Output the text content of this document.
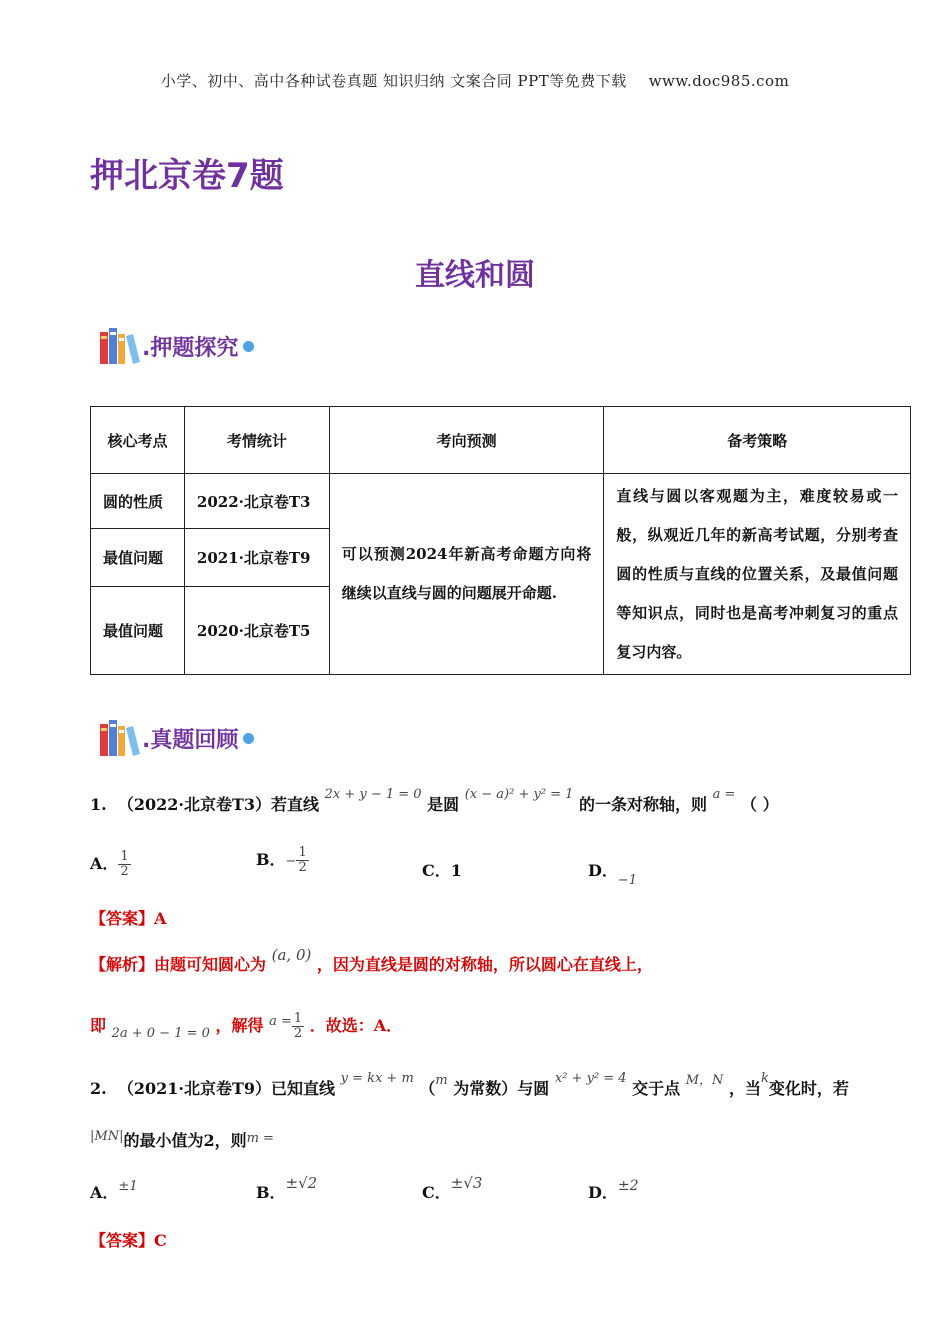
小学、初中、高中各种试卷真题 知识归纳 文案合同 PPT等免费下载 www.doc985.com
押北京卷7题
直线和圆
.押题探究
核心考点	考情统计	考向预测	备考策略
圆的性质	2022·北京卷T3	可以预测2024年新高考命题方向将继续以直线与圆的问题展开命题.	直线与圆以客观题为主，难度较易或一般，纵观近几年的新高考试题，分别考查圆的性质与直线的位置关系，及最值问题等知识点，同时也是高考冲刺复习的重点复习内容。
最值问题	2021·北京卷T9		
最值问题	2020·北京卷T5		
.真题回顾
1. （2022·北京卷T3）若直线 $^{2x + y - 1 = 0}$ 是圆 $^{(x - a)^2 + y^2 = 1}$ 的一条对称轴，则 $^{a =}$ （ ）
A． $\frac{1}{2}$	B．− $\frac{1}{2}$	C．1	D．$_{-1}$
【答案】A
【解析】由题可知圆心为 (a, 0) ，因为直线是圆的对称轴，所以圆心在直线上，
即 $_{2a + 0 - 1 = 0}$ ，解得 $^{a =} \frac{1}{2}$ ．故选：A．
2. （2021·北京卷T9）已知直线 $^{y = kx + m}$ （$^m$ 为常数）与圆 $^{x^2 + y^2 = 4}$ 交于点 $^{M,N}$ ，当$^k$变化时，若
$^{|MN|}$的最小值为2，则$^{m =}$
A．$^{\pm 1}$	B．±√2	C．±√3	D．±2
【答案】C
